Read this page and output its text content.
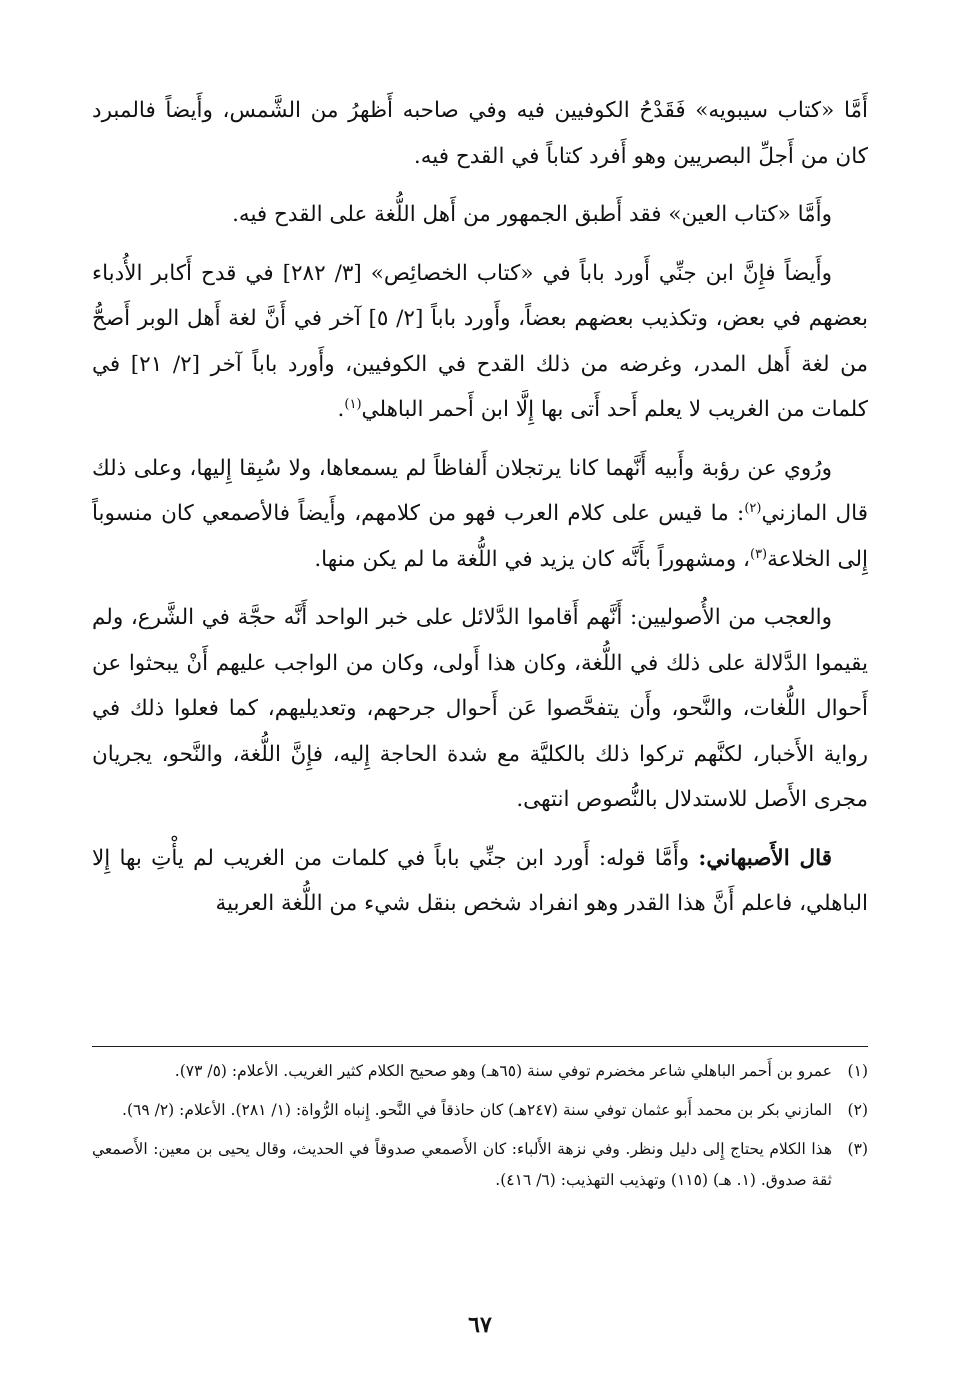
أَمَّا «كتاب سيبويه» فَقَدْحُ الكوفيين فيه وفي صاحبه أَظهرُ من الشَّمس، وأَيضاً فالمبرد كان من أَجلِّ البصريين وهو أَفرد كتاباً في القدح فيه.

وأَمَّا «كتاب العين» فقد أَطبق الجمهور من أَهل اللُّغة على القدح فيه.

وأَيضاً فإِنَّ ابن جنِّي أَورد باباً في «كتاب الخصائِص» [٣/ ٢٨٢] في قدح أَكابر الأُدباء بعضهم في بعض، وتكذيب بعضهم بعضاً، وأَورد باباً [٢/ ٥] آخر في أَنَّ لغة أَهل الوبر أَصحُّ من لغة أَهل المدر، وغرضه من ذلك القدح في الكوفيين، وأَورد باباً آخر [٢/ ٢١] في كلمات من الغريب لا يعلم أَحد أَتى بها إِلَّا ابن أَحمر الباهلي$^{(١)}$.

ورُوي عن رؤبة وأَبيه أَنَّهما كانا يرتجلان أَلفاظاً لم يسمعاها، ولا سُبِقا إِليها، وعلى ذلك قال المازني$^{(٢)}$: ما قيس على كلام العرب فهو من كلامهم، وأَيضاً فالأصمعي كان منسوباً إِلى الخلاعة$^{(٣)}$، ومشهوراً بأَنَّه كان يزيد في اللُّغة ما لم يكن منها.

والعجب من الأُصوليين: أَنَّهم أَقاموا الدَّلائل على خبر الواحد أَنَّه حجَّة في الشَّرع، ولم يقيموا الدَّلالة على ذلك في اللُّغة، وكان هذا أَولى، وكان من الواجب عليهم أَنْ يبحثوا عن أَحوال اللُّغات، والنَّحو، وأَن يتفحَّصوا عَن أَحوال جرحهم، وتعديليهم، كما فعلوا ذلك في رواية الأَخبار، لكنَّهم تركوا ذلك بالكليَّة مع شدة الحاجة إِليه، فإِنَّ اللُّغة، والنَّحو، يجريان مجرى الأَصل للاستدلال بالنُّصوص انتهى.

قال الأَصبهاني: وأَمَّا قوله: أَورد ابن جنِّي باباً في كلمات من الغريب لم يأْتِ بها إِلا الباهلي، فاعلم أَنَّ هذا القدر وهو انفراد شخص بنقل شيء من اللُّغة العربية

(١)
عمرو بن أَحمر الباهلي شاعر مخضرم توفي سنة (٦٥هـ) وهو صحيح الكلام كثير الغريب. الأعلام: (٥/ ٧٣).
(٢)
المازني بكر بن محمد أَبو عثمان توفي سنة (٢٤٧هـ) كان حاذقاً في النَّحو. إِنباه الرُّواة: (١/ ٢٨١). الأعلام: (٢/ ٦٩).
(٣)
هذا الكلام يحتاج إِلى دليل ونظر. وفي نزهة الأَلباء: كان الأَصمعي صدوقاً في الحديث، وقال يحيى بن معين: الأَصمعي ثقة صدوق. (١. هـ) (١١٥) وتهذيب التهذيب: (٦/ ٤١٦).
٦٧
